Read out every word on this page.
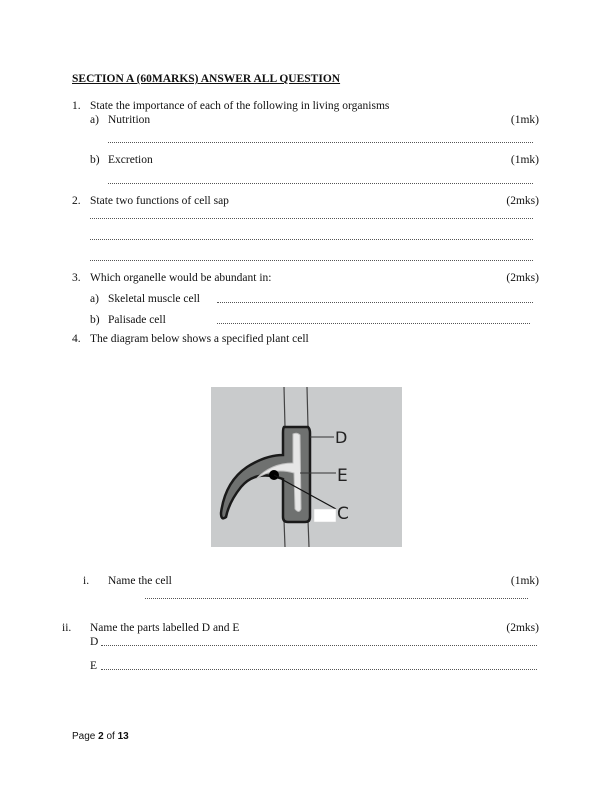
SECTION A (60MARKS) ANSWER ALL QUESTION
1. State the importance of each of the following in living organisms
a) Nutrition	(1mk)
b) Excretion	(1mk)
2. State two functions of cell sap	(2mks)
3. Which organelle would be abundant in:	(2mks)
a) Skeletal muscle cell
b) Palisade cell
4. The diagram below shows a specified plant cell
D
E
C
i. Name the cell	(1mk)
ii. Name the parts labelled D and E	(2mks)
D
E
Page 2 of 13
